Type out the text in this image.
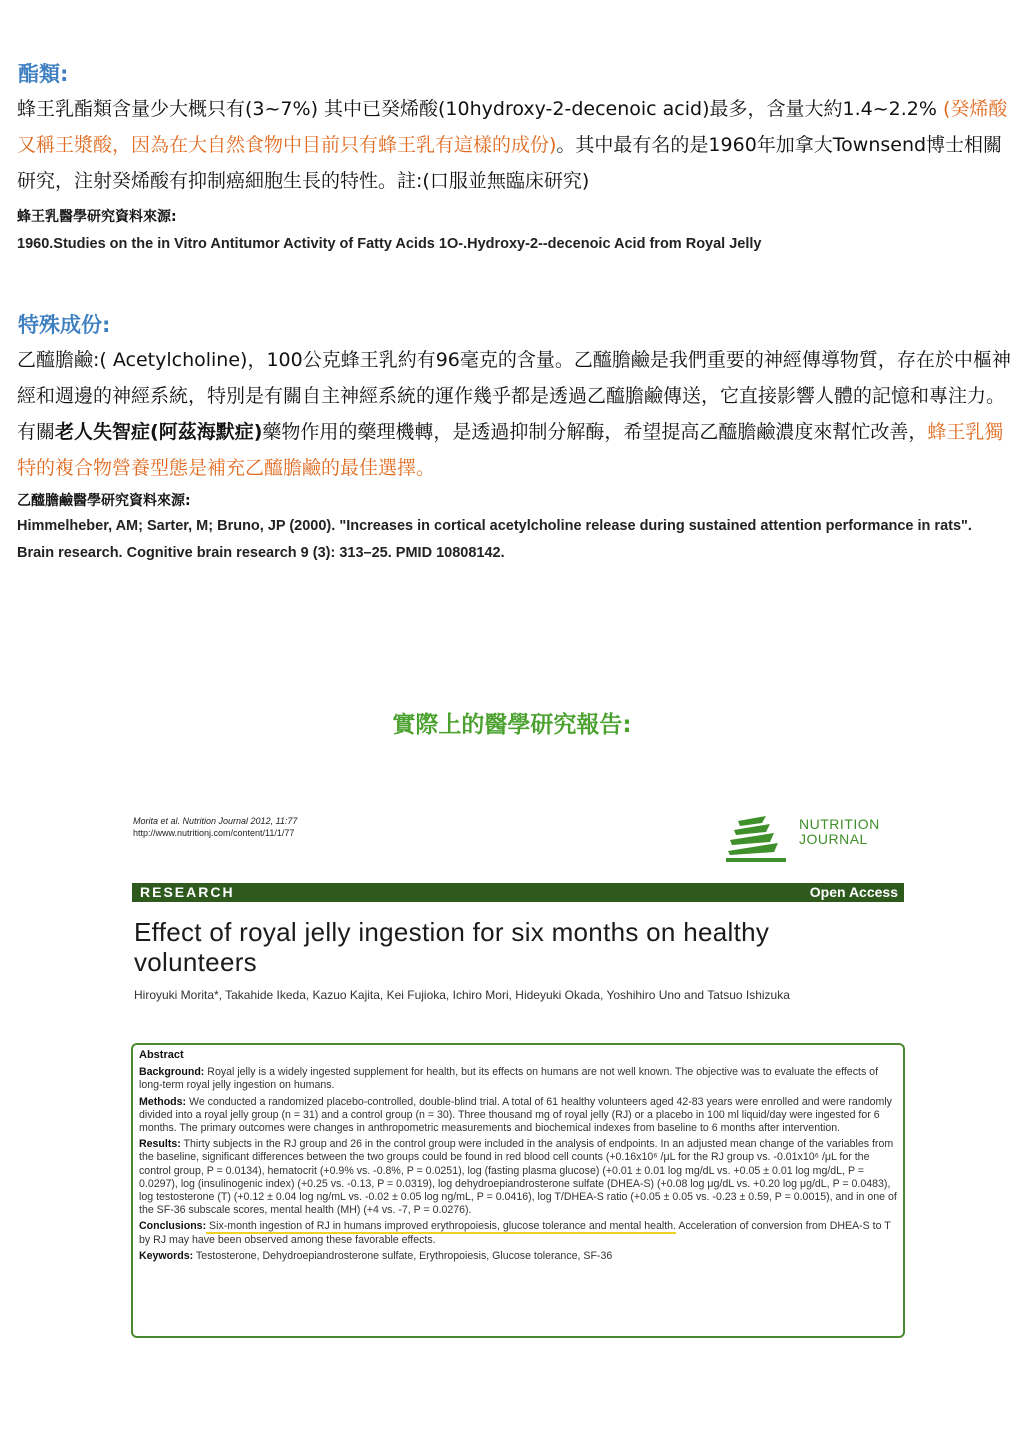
酯類:
蜂王乳酯類含量少大概只有(3~7%) 其中已癸烯酸(10hydroxy-2-decenoic acid)最多，含量大約1.4~2.2% (癸烯酸又稱王漿酸，因為在大自然食物中目前只有蜂王乳有這樣的成份)。其中最有名的是1960年加拿大Townsend博士相關研究，注射癸烯酸有抑制癌細胞生長的特性。註:(口服並無臨床研究)
蜂王乳醫學研究資料來源:
1960.Studies on the in Vitro Antitumor Activity of Fatty Acids 1O-.Hydroxy-2--decenoic Acid from Royal Jelly
特殊成份:
乙醯膽鹼:( Acetylcholine)，100公克蜂王乳約有96毫克的含量。乙醯膽鹼是我們重要的神經傳導物質，存在於中樞神經和週邊的神經系統，特別是有關自主神經系統的運作幾乎都是透過乙醯膽鹼傳送，它直接影響人體的記憶和專注力。有關老人失智症(阿茲海默症)藥物作用的藥理機轉，是透過抑制分解酶，希望提高乙醯膽鹼濃度來幫忙改善，蜂王乳獨特的複合物營養型態是補充乙醯膽鹼的最佳選擇。
乙醯膽鹼醫學研究資料來源:
Himmelheber, AM; Sarter, M; Bruno, JP (2000). "Increases in cortical acetylcholine release during sustained attention performance in rats". Brain research. Cognitive brain research 9 (3): 313–25. PMID 10808142.
實際上的醫學研究報告:
Morita et al. Nutrition Journal 2012, 11:77
http://www.nutritionj.com/content/11/1/77
NUTRITION
JOURNAL
RESEARCH	Open Access
Effect of royal jelly ingestion for six months on healthy volunteers
Hiroyuki Morita*, Takahide Ikeda, Kazuo Kajita, Kei Fujioka, Ichiro Mori, Hideyuki Okada, Yoshihiro Uno and Tatsuo Ishizuka
Abstract

Background: Royal jelly is a widely ingested supplement for health, but its effects on humans are not well known. The objective was to evaluate the effects of long-term royal jelly ingestion on humans.

Methods: We conducted a randomized placebo-controlled, double-blind trial. A total of 61 healthy volunteers aged 42-83 years were enrolled and were randomly divided into a royal jelly group (n = 31) and a control group (n = 30). Three thousand mg of royal jelly (RJ) or a placebo in 100 ml liquid/day were ingested for 6 months. The primary outcomes were changes in anthropometric measurements and biochemical indexes from baseline to 6 months after intervention.

Results: Thirty subjects in the RJ group and 26 in the control group were included in the analysis of endpoints. In an adjusted mean change of the variables from the baseline, significant differences between the two groups could be found in red blood cell counts (+0.16x10⁶ /μL for the RJ group vs. -0.01x10⁶ /μL for the control group, P = 0.0134), hematocrit (+0.9% vs. -0.8%, P = 0.0251), log (fasting plasma glucose) (+0.01 ± 0.01 log mg/dL vs. +0.05 ± 0.01 log mg/dL, P = 0.0297), log (insulinogenic index) (+0.25 vs. -0.13, P = 0.0319), log dehydroepiandrosterone sulfate (DHEA-S) (+0.08 log μg/dL vs. +0.20 log μg/dL, P = 0.0483), log testosterone (T) (+0.12 ± 0.04 log ng/mL vs. -0.02 ± 0.05 log ng/mL, P = 0.0416), log T/DHEA-S ratio (+0.05 ± 0.05 vs. -0.23 ± 0.59, P = 0.0015), and in one of the SF-36 subscale scores, mental health (MH) (+4 vs. -7, P = 0.0276).

Conclusions: Six-month ingestion of RJ in humans improved erythropoiesis, glucose tolerance and mental health. Acceleration of conversion from DHEA-S to T by RJ may have been observed among these favorable effects.

Keywords: Testosterone, Dehydroepiandrosterone sulfate, Erythropoiesis, Glucose tolerance, SF-36
